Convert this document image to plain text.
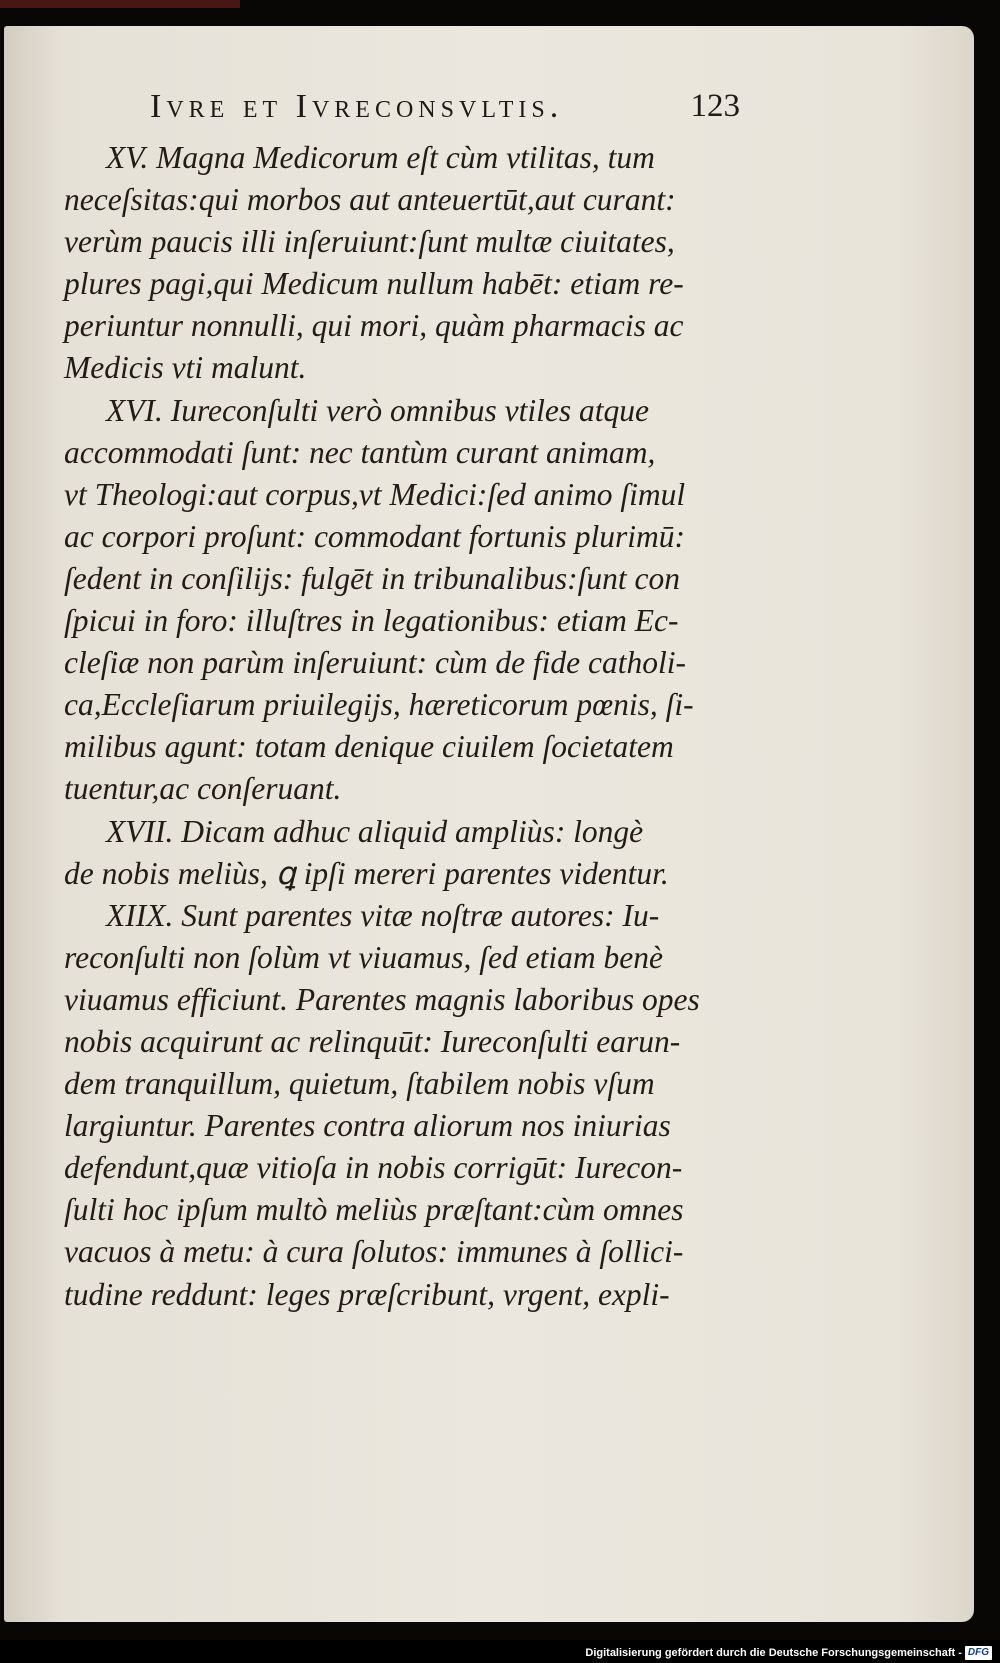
Ivre et Ivreconsvltis.	123
XV. Magna Medicorum eſt cùm vtilitas, tum
neceſsitas:qui morbos aut anteuertūt,aut curant:
verùm paucis illi inſeruiunt:ſunt multæ ciuitates,
plures pagi,qui Medicum nullum habēt: etiam re-
periuntur nonnulli, qui mori, quàm pharmacis ac
Medicis vti malunt.
XVI. Iureconſulti verò omnibus vtiles atque
accommodati ſunt: nec tantùm curant animam,
vt Theologi:aut corpus,vt Medici:ſed animo ſimul
ac corpori proſunt: commodant fortunis plurimū:
ſedent in conſilijs: fulgēt in tribunalibus:ſunt con
ſpicui in foro: illuſtres in legationibus: etiam Ec-
cleſiæ non parùm inſeruiunt: cùm de fide catholi-
ca,Eccleſiarum priuilegijs, hæreticorum pœnis, ſi-
milibus agunt: totam denique ciuilem ſocietatem
tuentur,ac conſeruant.
XVII. Dicam adhuc aliquid ampliùs: longè
de nobis meliùs, ꝗ ipſi mereri parentes videntur.
XIIX. Sunt parentes vitæ noſtræ autores: Iu-
reconſulti non ſolùm vt viuamus, ſed etiam benè
viuamus efficiunt. Parentes magnis laboribus opes
nobis acquirunt ac relinquūt: Iureconſulti earun-
dem tranquillum, quietum, ſtabilem nobis vſum
largiuntur. Parentes contra aliorum nos iniurias
defendunt,quæ vitioſa in nobis corrigūt: Iurecon-
ſulti hoc ipſum multò meliùs præſtant:cùm omnes
vacuos à metu: à cura ſolutos: immunes à ſollici-
tudine reddunt: leges præſcribunt, vrgent, expli-
Digitalisierung gefördert durch die Deutsche Forschungsgemeinschaft - DFG
